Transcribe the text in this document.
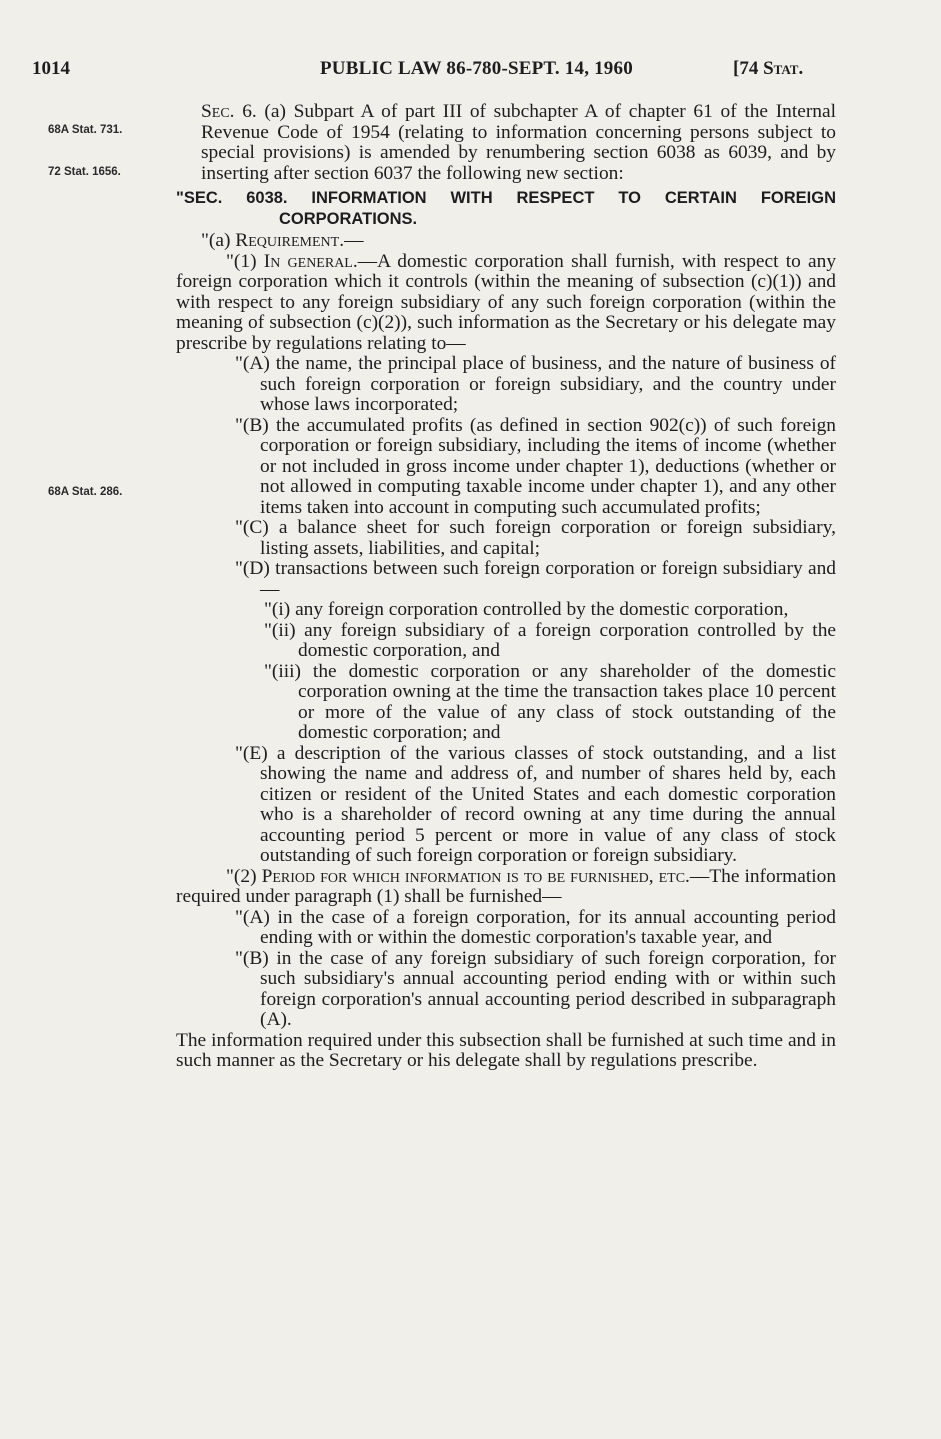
1014	PUBLIC LAW 86-780-SEPT. 14, 1960	[74 Stat.
68A Stat. 731.
72 Stat. 1656.
68A Stat. 286.

Sec. 6. (a) Subpart A of part III of subchapter A of chapter 61 of the Internal Revenue Code of 1954 (relating to information concerning persons subject to special provisions) is amended by renumbering section 6038 as 6039, and by inserting after section 6037 the following new section:

"SEC. 6038. INFORMATION WITH RESPECT TO CERTAIN FOREIGN CORPORATIONS.

"(a) Requirement.—

"(1) In general.—A domestic corporation shall furnish, with respect to any foreign corporation which it controls (within the meaning of subsection (c)(1)) and with respect to any foreign subsidiary of any such foreign corporation (within the meaning of subsection (c)(2)), such information as the Secretary or his delegate may prescribe by regulations relating to—

"(A) the name, the principal place of business, and the nature of business of such foreign corporation or foreign subsidiary, and the country under whose laws incorporated;

"(B) the accumulated profits (as defined in section 902(c)) of such foreign corporation or foreign subsidiary, including the items of income (whether or not included in gross income under chapter 1), deductions (whether or not allowed in computing taxable income under chapter 1), and any other items taken into account in computing such accumulated profits;

"(C) a balance sheet for such foreign corporation or foreign subsidiary, listing assets, liabilities, and capital;

"(D) transactions between such foreign corporation or foreign subsidiary and—

"(i) any foreign corporation controlled by the domestic corporation,

"(ii) any foreign subsidiary of a foreign corporation controlled by the domestic corporation, and

"(iii) the domestic corporation or any shareholder of the domestic corporation owning at the time the transaction takes place 10 percent or more of the value of any class of stock outstanding of the domestic corporation; and

"(E) a description of the various classes of stock outstanding, and a list showing the name and address of, and number of shares held by, each citizen or resident of the United States and each domestic corporation who is a shareholder of record owning at any time during the annual accounting period 5 percent or more in value of any class of stock outstanding of such foreign corporation or foreign subsidiary.

"(2) Period for which information is to be furnished, etc.—The information required under paragraph (1) shall be furnished—

"(A) in the case of a foreign corporation, for its annual accounting period ending with or within the domestic corporation's taxable year, and

"(B) in the case of any foreign subsidiary of such foreign corporation, for such subsidiary's annual accounting period ending with or within such foreign corporation's annual accounting period described in subparagraph (A).

The information required under this subsection shall be furnished at such time and in such manner as the Secretary or his delegate shall by regulations prescribe.
